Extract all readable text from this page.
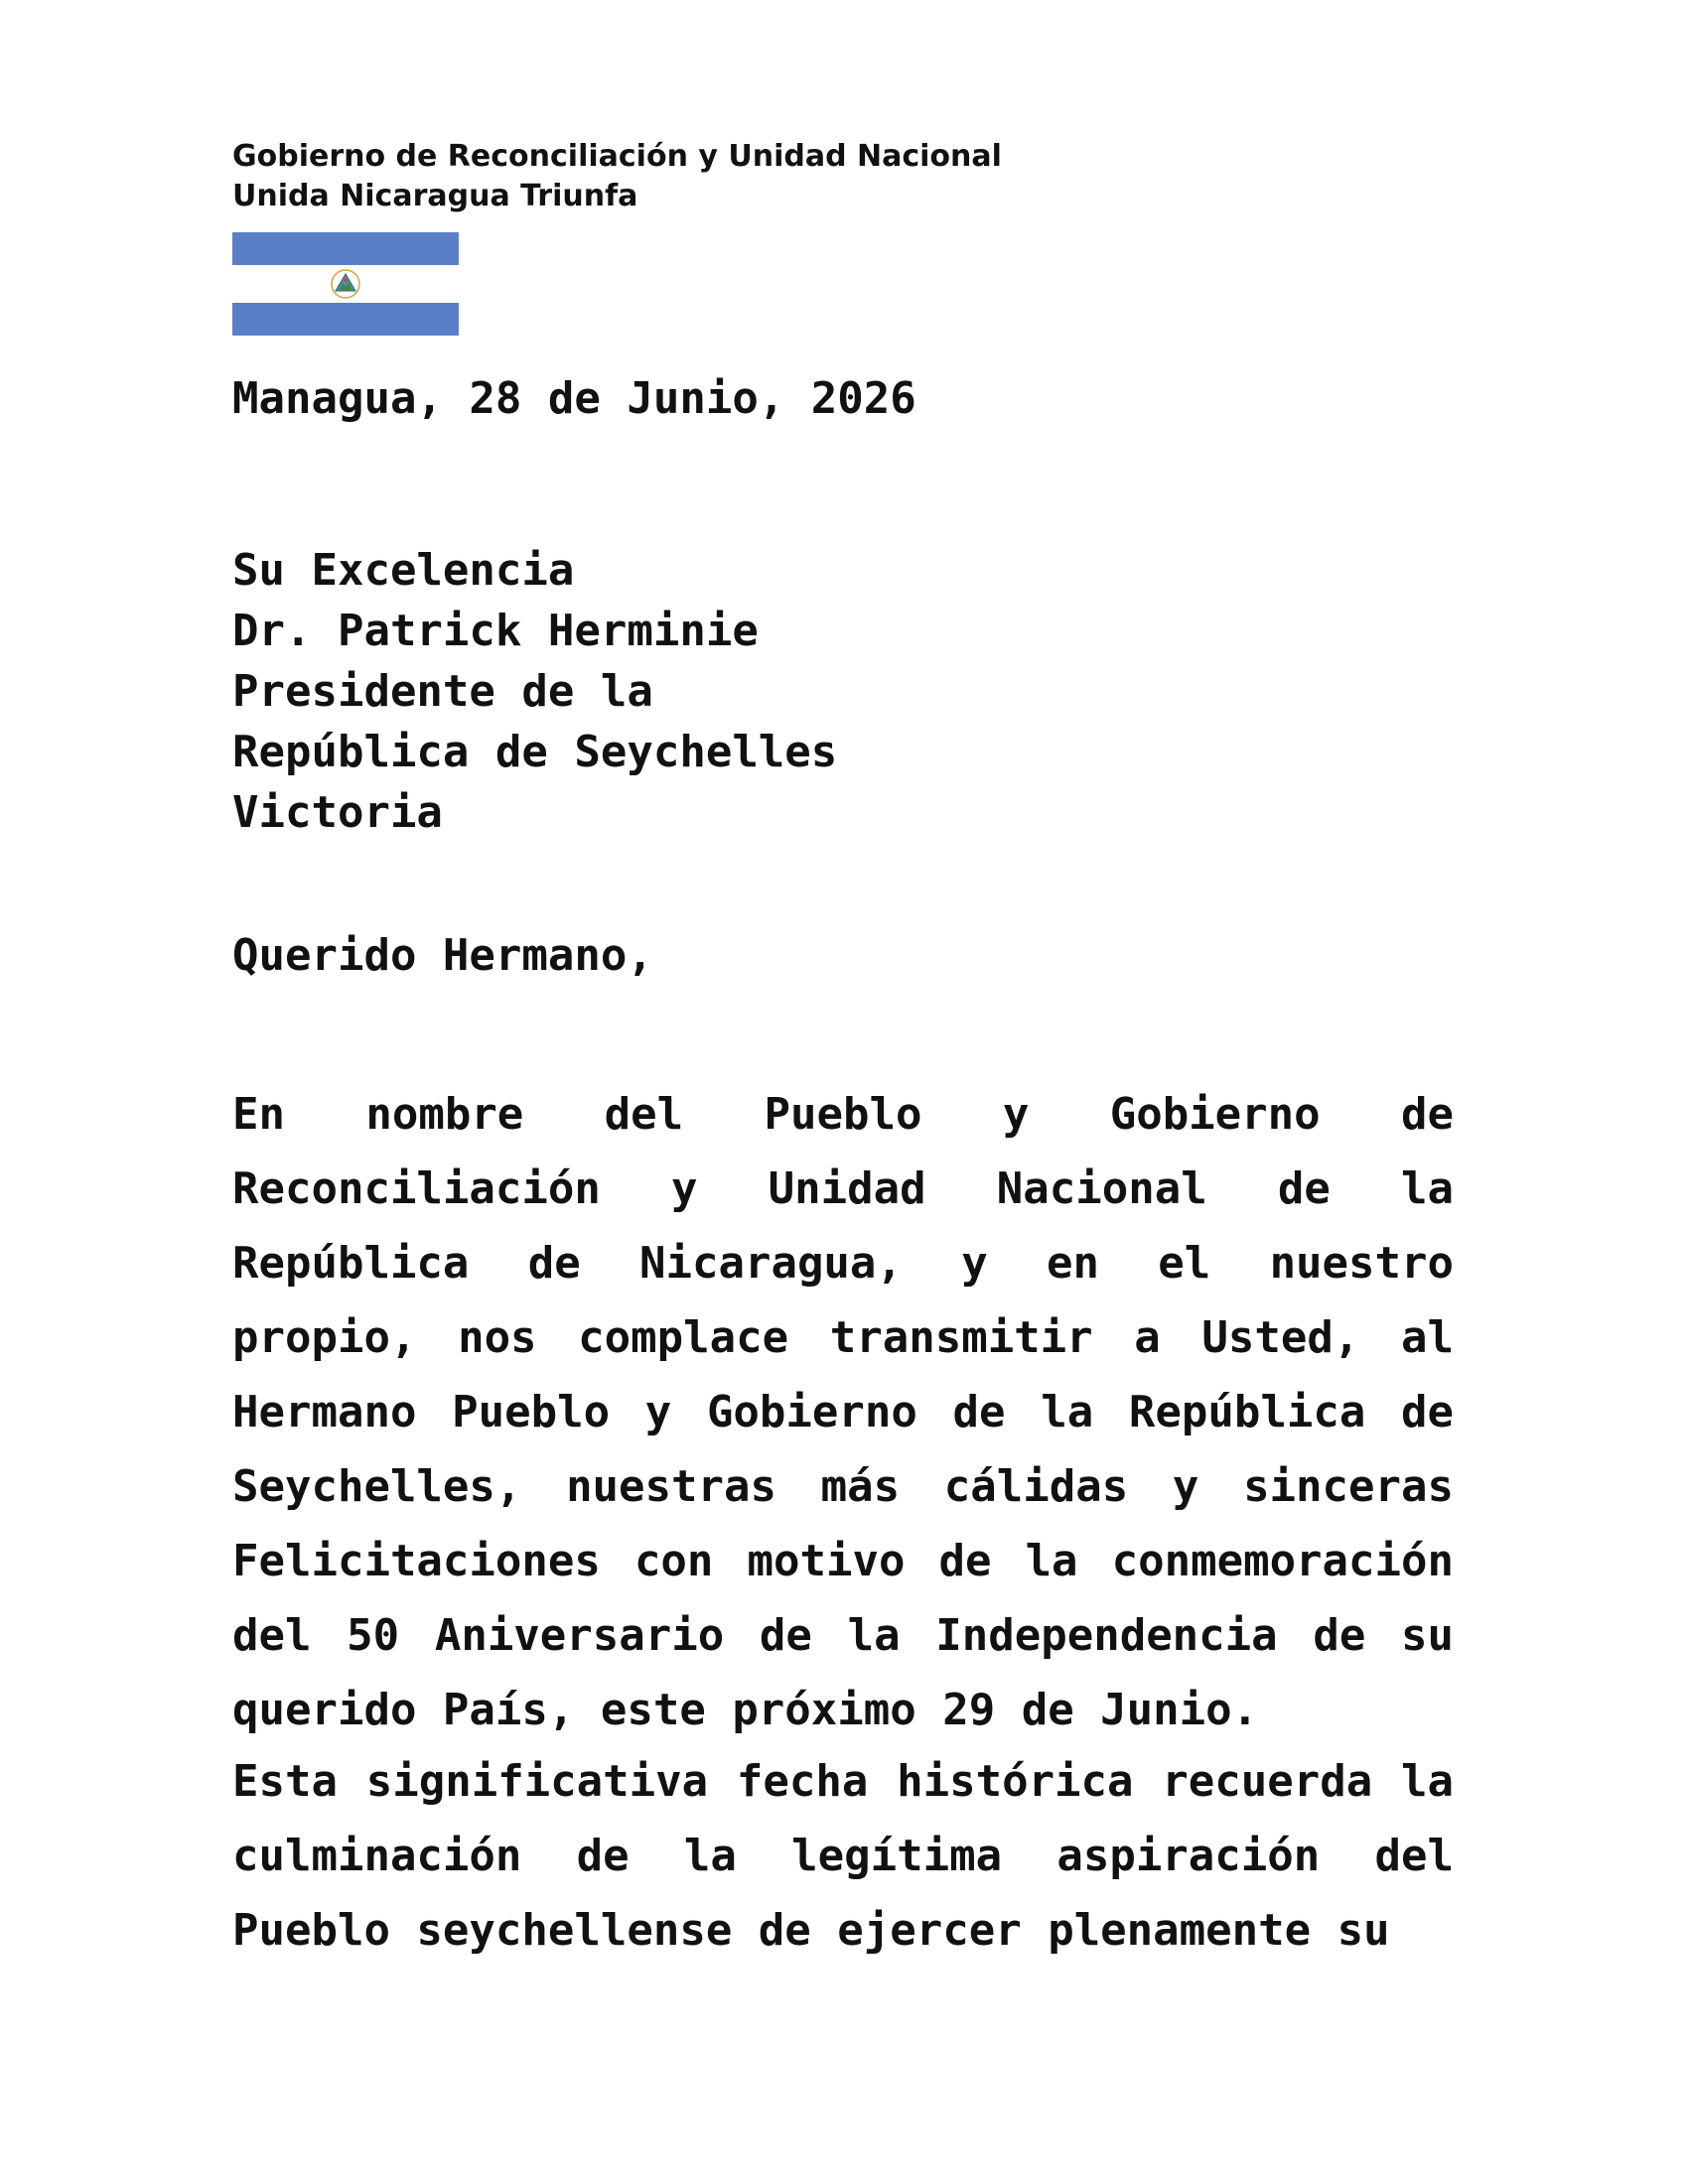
Gobierno de Reconciliación y Unidad Nacional
Unida Nicaragua Triunfa
Managua, 28 de Junio, 2026
Su Excelencia
Dr. Patrick Herminie
Presidente de la
República de Seychelles
Victoria
Querido Hermano,
En nombre del Pueblo y Gobierno de Reconciliación y Unidad Nacional de la República de Nicaragua, y en el nuestro propio, nos complace transmitir a Usted, al Hermano Pueblo y Gobierno de la República de Seychelles, nuestras más cálidas y sinceras Felicitaciones con motivo de la conmemoración del 50 Aniversario de la Independencia de su querido País, este próximo 29 de Junio.
Esta significativa fecha histórica recuerda la culminación de la legítima aspiración del Pueblo seychellense de ejercer plenamente su
